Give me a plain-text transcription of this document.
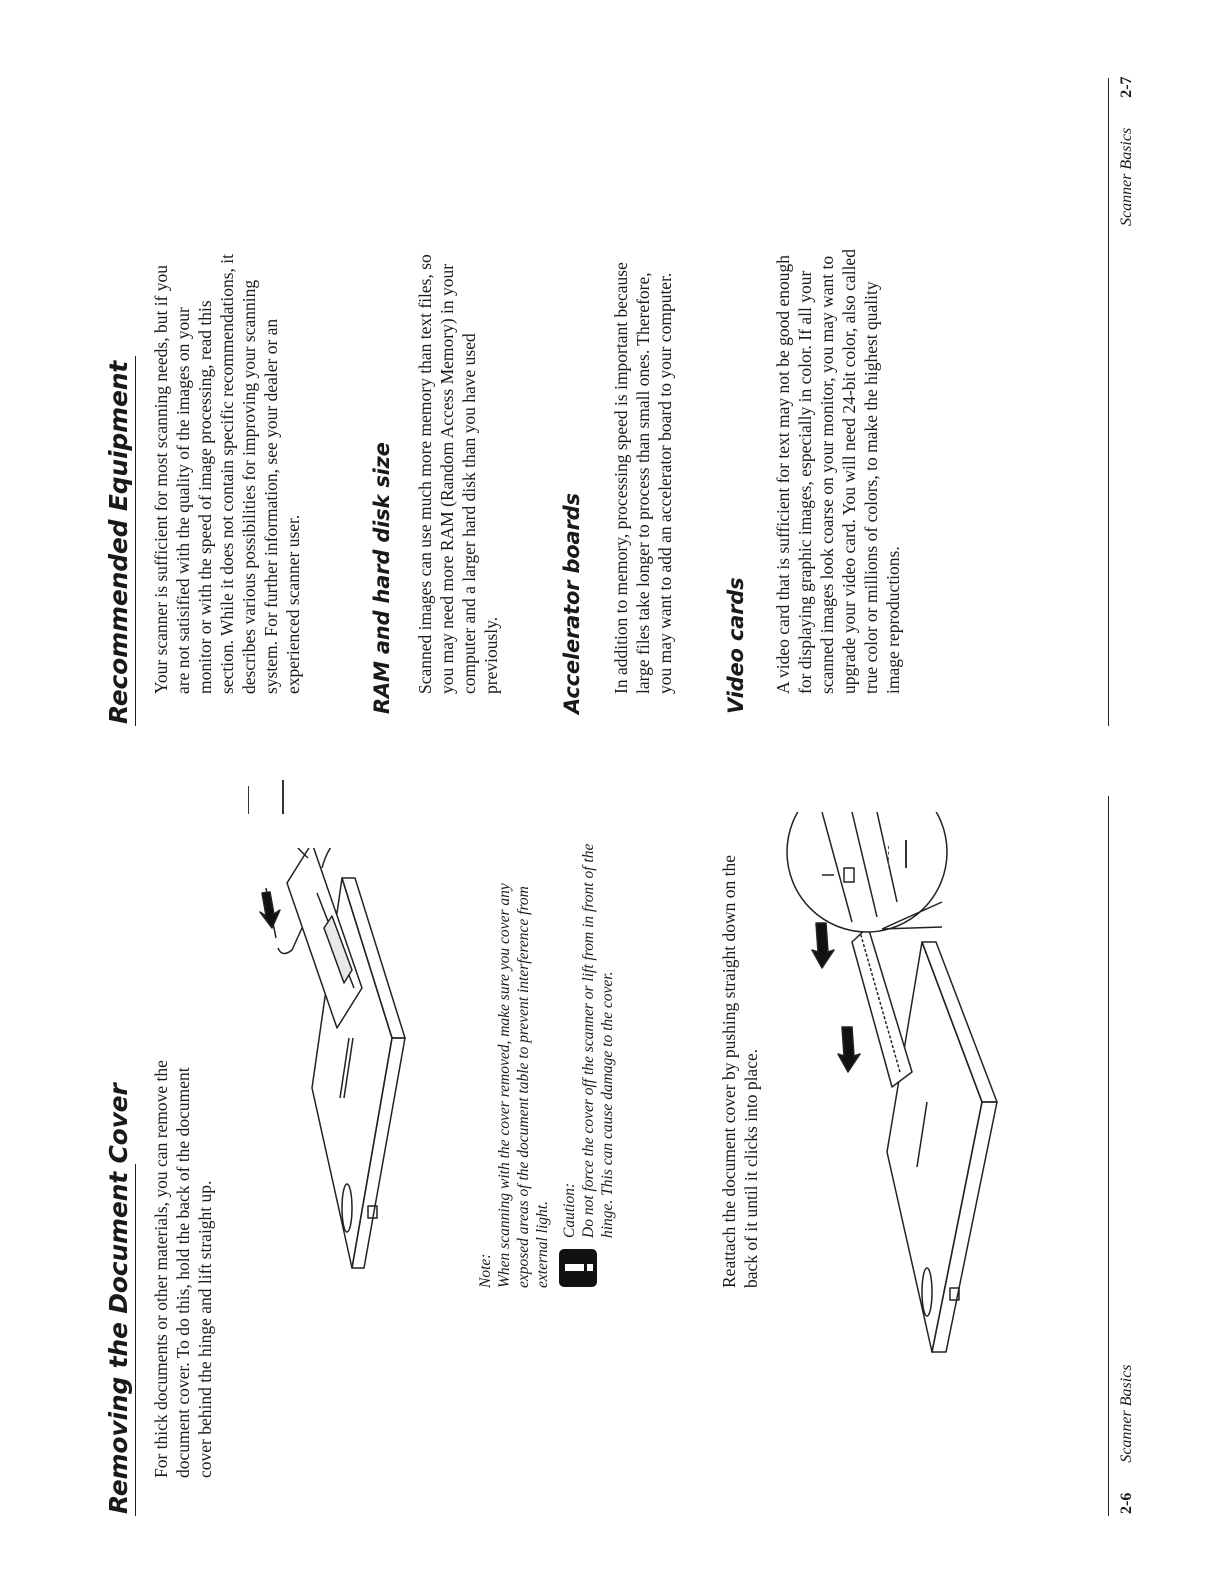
Removing the Document Cover For thick documents or other materials, you can remove the document cover. To do this, hold the back of the document cover behind the hinge and lift straight up.	Note: When scanning with the cover removed, make sure you cover any exposed areas of the document table to prevent interference from external light. Caution: Do not force the cover off the scanner or lift from in front of the hinge. This can cause damage to the cover.	Reattach the document cover by pushing straight down on the back of it until it clicks into place.
2-6  Scanner Basics
Recommended Equipment Your scanner is sufficient for most scanning needs, but if you are not satisified with the quality of the images on your monitor or with the speed of image processing, read this section. While it does not contain specific recommendations, it describes various possibilities for improving your scanning system. For further information, see your dealer or an experienced scanner user.	RAM and hard disk size Scanned images can use much more memory than text files, so you may need more RAM (Random Access Memory) in your computer and a larger hard disk than you have used previously.	Accelerator boards In addition to memory, processing speed is important because large files take longer to process than small ones. Therefore, you may want to add an accelerator board to your computer. Video cards A video card that is sufficient for text may not be good enough for displaying graphic images, especially in color. If all your scanned images look coarse on your monitor, you may want to upgrade your video card. You will need 24-bit color, also called true color or millions of colors, to make the highest quality image reproductions.
Scanner Basics  2-7
